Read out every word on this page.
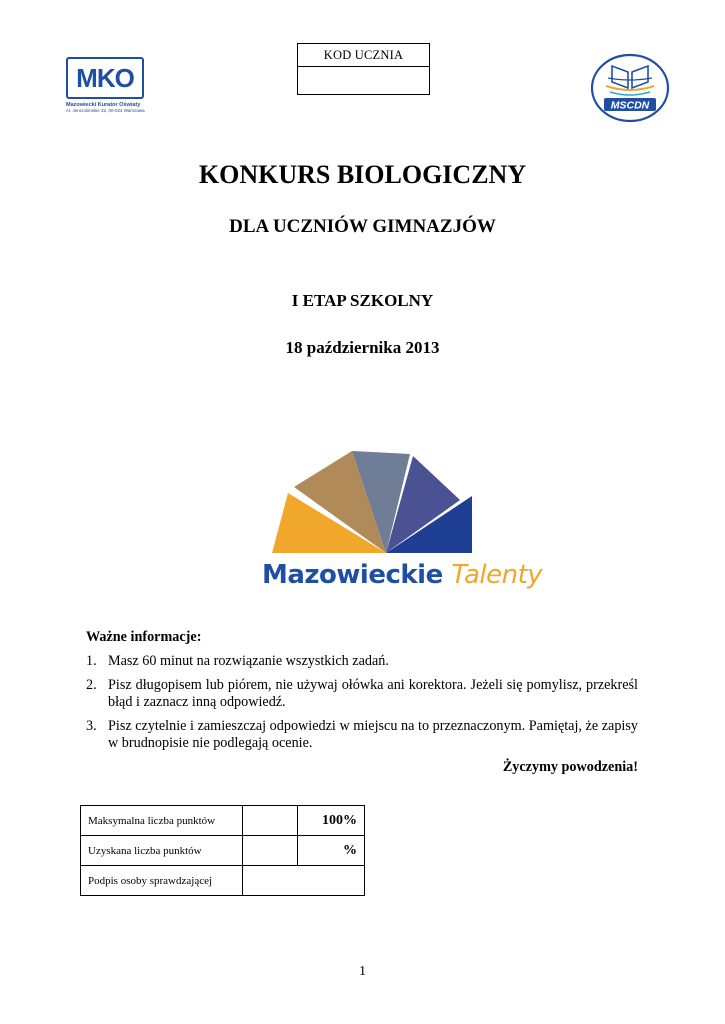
KOD UCZNIA
MKO
Mazowiecki Kurator Oświaty
Al. Jerozolimskie 32, 00-024 Warszawa	MSCDN
KONKURS BIOLOGICZNY
DLA UCZNIÓW GIMNAZJÓW
I ETAP SZKOLNY
18 października 2013
Mazowieckie Talenty
Ważne informacje:
1. Masz 60 minut na rozwiązanie wszystkich zadań.
2. Pisz długopisem lub piórem, nie używaj ołówka ani korektora. Jeżeli się pomylisz, przekreśl błąd i zaznacz inną odpowiedź.
3. Pisz czytelnie i zamieszczaj odpowiedzi w miejscu na to przeznaczonym. Pamiętaj, że zapisy w brudnopisie nie podlegają ocenie.
Życzymy powodzenia!
Maksymalna liczba punktów		100%
Uzyskana liczba punktów		%
Podpis osoby sprawdzającej		
1
